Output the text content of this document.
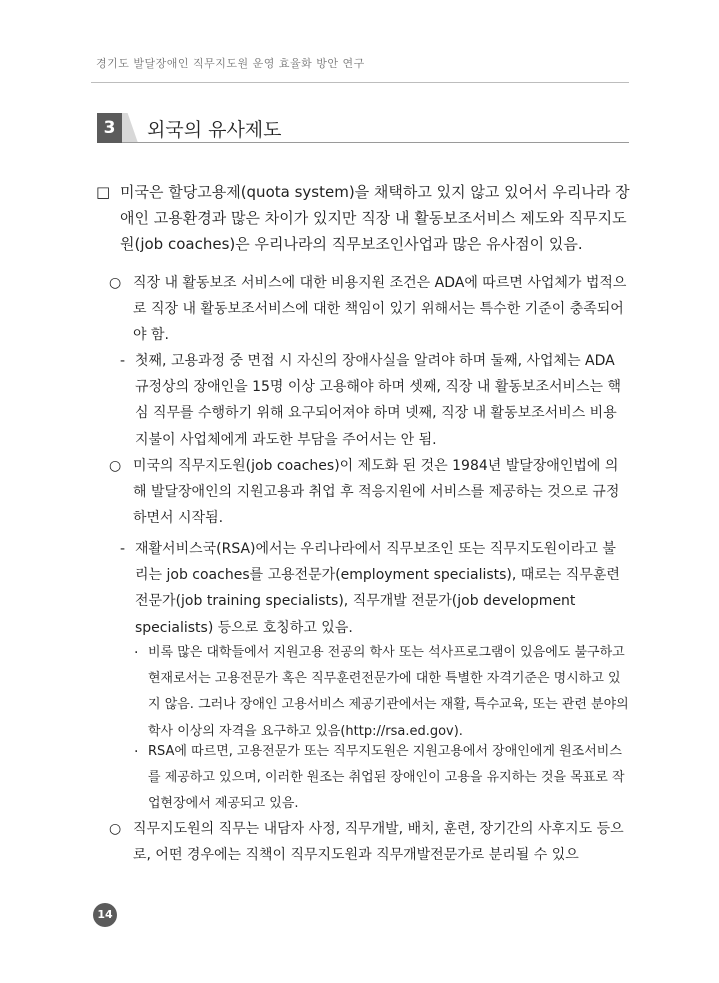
경기도 발달장애인 직무지도원 운영 효율화 방안 연구
3	외국의 유사제도
□ 미국은 할당고용제(quota system)을 채택하고 있지 않고 있어서 우리나라 장애인 고용환경과 많은 차이가 있지만 직장 내 활동보조서비스 제도와 직무지도원(job coaches)은 우리나라의 직무보조인사업과 많은 유사점이 있음.
○ 직장 내 활동보조 서비스에 대한 비용지원 조건은 ADA에 따르면 사업체가 법적으로 직장 내 활동보조서비스에 대한 책임이 있기 위해서는 특수한 기준이 충족되어야 함.
- 첫째, 고용과정 중 면접 시 자신의 장애사실을 알려야 하며 둘째, 사업체는 ADA 규정상의 장애인을 15명 이상 고용해야 하며 셋째, 직장 내 활동보조서비스는 핵심 직무를 수행하기 위해 요구되어져야 하며 넷째, 직장 내 활동보조서비스 비용지불이 사업체에게 과도한 부담을 주어서는 안 됨.
○ 미국의 직무지도원(job coaches)이 제도화 된 것은 1984년 발달장애인법에 의해 발달장애인의 지원고용과 취업 후 적응지원에 서비스를 제공하는 것으로 규정하면서 시작됨.
- 재활서비스국(RSA)에서는 우리나라에서 직무보조인 또는 직무지도원이라고 불리는 job coaches를 고용전문가(employment specialists), 때로는 직무훈련 전문가(job training specialists), 직무개발 전문가(job development specialists) 등으로 호칭하고 있음.
· 비록 많은 대학들에서 지원고용 전공의 학사 또는 석사프로그램이 있음에도 불구하고 현재로서는 고용전문가 혹은 직무훈련전문가에 대한 특별한 자격기준은 명시하고 있지 않음. 그러나 장애인 고용서비스 제공기관에서는 재활, 특수교육, 또는 관련 분야의 학사 이상의 자격을 요구하고 있음(http://rsa.ed.gov).
· RSA에 따르면, 고용전문가 또는 직무지도원은 지원고용에서 장애인에게 원조서비스를 제공하고 있으며, 이러한 원조는 취업된 장애인이 고용을 유지하는 것을 목표로 작업현장에서 제공되고 있음.
○ 직무지도원의 직무는 내담자 사정, 직무개발, 배치, 훈련, 장기간의 사후지도 등으로, 어떤 경우에는 직책이 직무지도원과 직무개발전문가로 분리될 수 있으
14
